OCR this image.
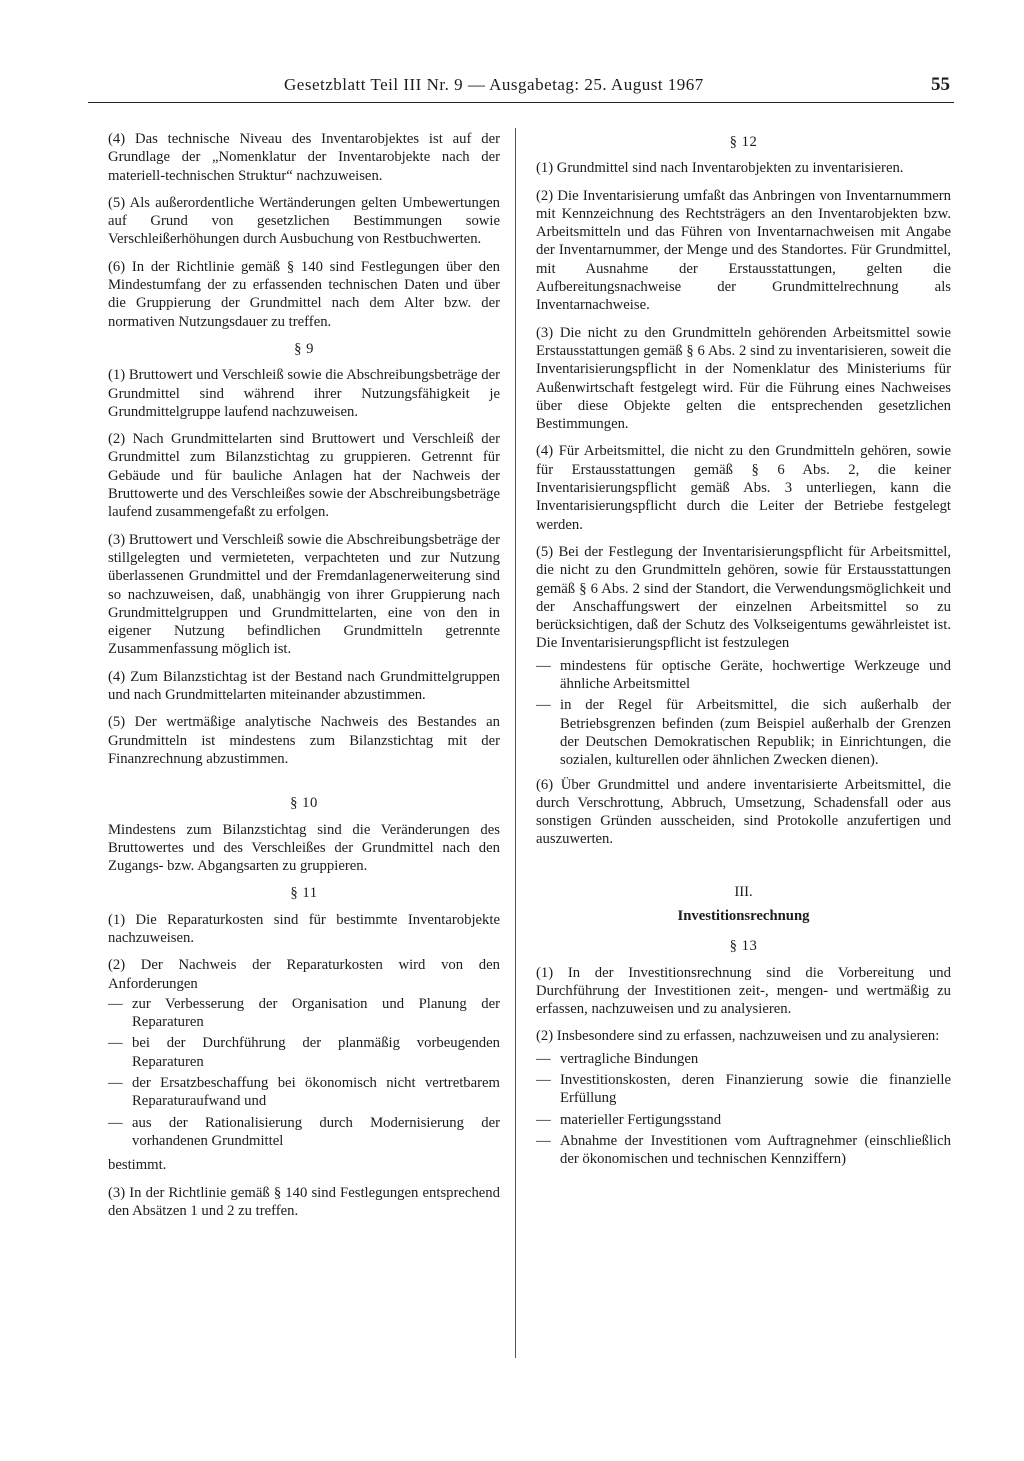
Gesetzblatt Teil III Nr. 9 — Ausgabetag: 25. August 1967	55

(4) Das technische Niveau des Inventarobjektes ist auf der Grundlage der „Nomenklatur der Inventarobjekte nach der materiell-technischen Struktur“ nachzuweisen.

(5) Als außerordentliche Wertänderungen gelten Umbewertungen auf Grund von gesetzlichen Bestimmungen sowie Verschleißerhöhungen durch Ausbuchung von Restbuchwerten.

(6) In der Richtlinie gemäß § 140 sind Festlegungen über den Mindestumfang der zu erfassenden technischen Daten und über die Gruppierung der Grundmittel nach dem Alter bzw. der normativen Nutzungsdauer zu treffen.

§ 9

(1) Bruttowert und Verschleiß sowie die Abschreibungsbeträge der Grundmittel sind während ihrer Nutzungsfähigkeit je Grundmittelgruppe laufend nachzuweisen.

(2) Nach Grundmittelarten sind Bruttowert und Verschleiß der Grundmittel zum Bilanzstichtag zu gruppieren. Getrennt für Gebäude und für bauliche Anlagen hat der Nachweis der Bruttowerte und des Verschleißes sowie der Abschreibungsbeträge laufend zusammengefaßt zu erfolgen.

(3) Bruttowert und Verschleiß sowie die Abschreibungsbeträge der stillgelegten und vermieteten, verpachteten und zur Nutzung überlassenen Grundmittel und der Fremdanlagenerweiterung sind so nachzuweisen, daß, unabhängig von ihrer Gruppierung nach Grundmittelgruppen und Grundmittelarten, eine von den in eigener Nutzung befindlichen Grundmitteln getrennte Zusammenfassung möglich ist.

(4) Zum Bilanzstichtag ist der Bestand nach Grundmittelgruppen und nach Grundmittelarten miteinander abzustimmen.

(5) Der wertmäßige analytische Nachweis des Bestandes an Grundmitteln ist mindestens zum Bilanzstichtag mit der Finanzrechnung abzustimmen.

§ 10

Mindestens zum Bilanzstichtag sind die Veränderungen des Bruttowertes und des Verschleißes der Grundmittel nach den Zugangs- bzw. Abgangsarten zu gruppieren.

§ 11

(1) Die Reparaturkosten sind für bestimmte Inventarobjekte nachzuweisen.

(2) Der Nachweis der Reparaturkosten wird von den Anforderungen

— zur Verbesserung der Organisation und Planung der Reparaturen
— bei der Durchführung der planmäßig vorbeugenden Reparaturen
— der Ersatzbeschaffung bei ökonomisch nicht vertretbarem Reparaturaufwand und
— aus der Rationalisierung durch Modernisierung der vorhandenen Grundmittel

bestimmt.

(3) In der Richtlinie gemäß § 140 sind Festlegungen entsprechend den Absätzen 1 und 2 zu treffen.

§ 12

(1) Grundmittel sind nach Inventarobjekten zu inventarisieren.

(2) Die Inventarisierung umfaßt das Anbringen von Inventarnummern mit Kennzeichnung des Rechtsträgers an den Inventarobjekten bzw. Arbeitsmitteln und das Führen von Inventarnachweisen mit Angabe der Inventarnummer, der Menge und des Standortes. Für Grundmittel, mit Ausnahme der Erstausstattungen, gelten die Aufbereitungsnachweise der Grundmittelrechnung als Inventarnachweise.

(3) Die nicht zu den Grundmitteln gehörenden Arbeitsmittel sowie Erstausstattungen gemäß § 6 Abs. 2 sind zu inventarisieren, soweit die Inventarisierungspflicht in der Nomenklatur des Ministeriums für Außenwirtschaft festgelegt wird. Für die Führung eines Nachweises über diese Objekte gelten die entsprechenden gesetzlichen Bestimmungen.

(4) Für Arbeitsmittel, die nicht zu den Grundmitteln gehören, sowie für Erstausstattungen gemäß § 6 Abs. 2, die keiner Inventarisierungspflicht gemäß Abs. 3 unterliegen, kann die Inventarisierungspflicht durch die Leiter der Betriebe festgelegt werden.

(5) Bei der Festlegung der Inventarisierungspflicht für Arbeitsmittel, die nicht zu den Grundmitteln gehören, sowie für Erstausstattungen gemäß § 6 Abs. 2 sind der Standort, die Verwendungsmöglichkeit und der Anschaffungswert der einzelnen Arbeitsmittel so zu berücksichtigen, daß der Schutz des Volkseigentums gewährleistet ist. Die Inventarisierungspflicht ist festzulegen

— mindestens für optische Geräte, hochwertige Werkzeuge und ähnliche Arbeitsmittel
— in der Regel für Arbeitsmittel, die sich außerhalb der Betriebsgrenzen befinden (zum Beispiel außerhalb der Grenzen der Deutschen Demokratischen Republik; in Einrichtungen, die sozialen, kulturellen oder ähnlichen Zwecken dienen).

(6) Über Grundmittel und andere inventarisierte Arbeitsmittel, die durch Verschrottung, Abbruch, Umsetzung, Schadensfall oder aus sonstigen Gründen ausscheiden, sind Protokolle anzufertigen und auszuwerten.

III.
Investitionsrechnung
§ 13

(1) In der Investitionsrechnung sind die Vorbereitung und Durchführung der Investitionen zeit-, mengen- und wertmäßig zu erfassen, nachzuweisen und zu analysieren.

(2) Insbesondere sind zu erfassen, nachzuweisen und zu analysieren:

— vertragliche Bindungen
— Investitionskosten, deren Finanzierung sowie die finanzielle Erfüllung
— materieller Fertigungsstand
— Abnahme der Investitionen vom Auftragnehmer (einschließlich der ökonomischen und technischen Kennziffern)
